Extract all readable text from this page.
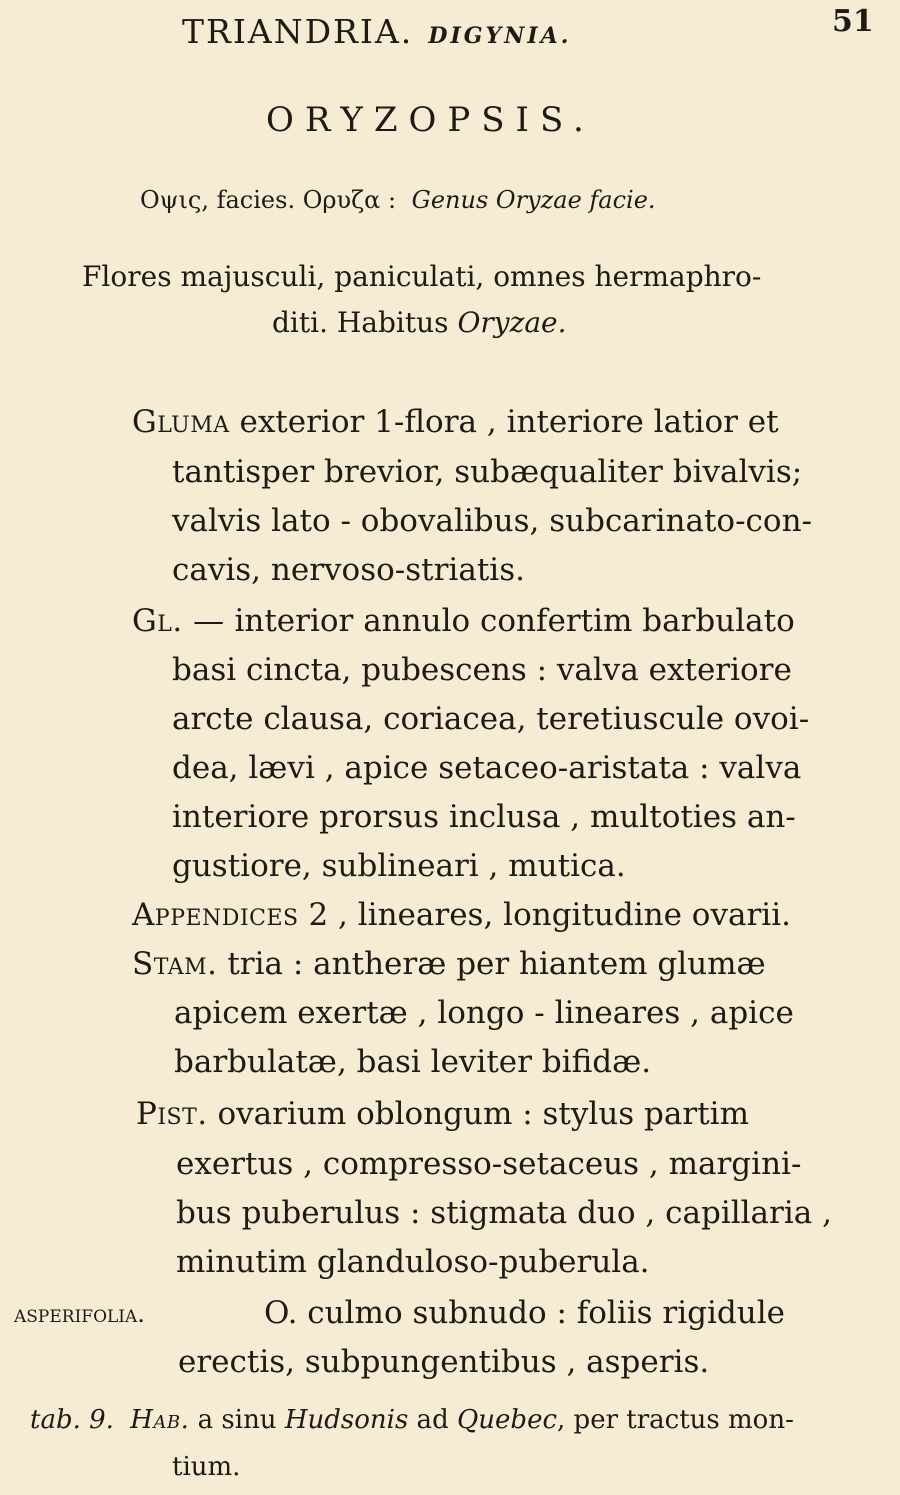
TRIANDRIA. DIGYNIA.	51
ORYZOPSIS.
Οψις, facies. Ορυζα : Genus Oryzae facie.
Flores majusculi, paniculati, omnes hermaphro-
diti. Habitus Oryzae.
Gluma exterior 1-flora , interiore latior et
tantisper brevior, subæqualiter bivalvis;
valvis lato - obovalibus, subcarinato-con-
cavis, nervoso-striatis.
Gl. — interior annulo confertim barbulato
basi cincta, pubescens : valva exteriore
arcte clausa, coriacea, teretiuscule ovoi-
dea, lævi , apice setaceo-aristata : valva
interiore prorsus inclusa , multoties an-
gustiore, sublineari , mutica.
Appendices 2 , lineares, longitudine ovarii.
Stam. tria : antheræ per hiantem glumæ
apicem exertæ , longo - lineares , apice
barbulatæ, basi leviter bifidæ.
Pist. ovarium oblongum : stylus partim
exertus , compresso-setaceus , margini-
bus puberulus : stigmata duo , capillaria ,
minutim glanduloso-puberula.
asperifolia.	O. culmo subnudo : foliis rigidule
erectis, subpungentibus , asperis.
tab. 9. Hab. a sinu Hudsonis ad Quebec, per tractus mon-
tium.
